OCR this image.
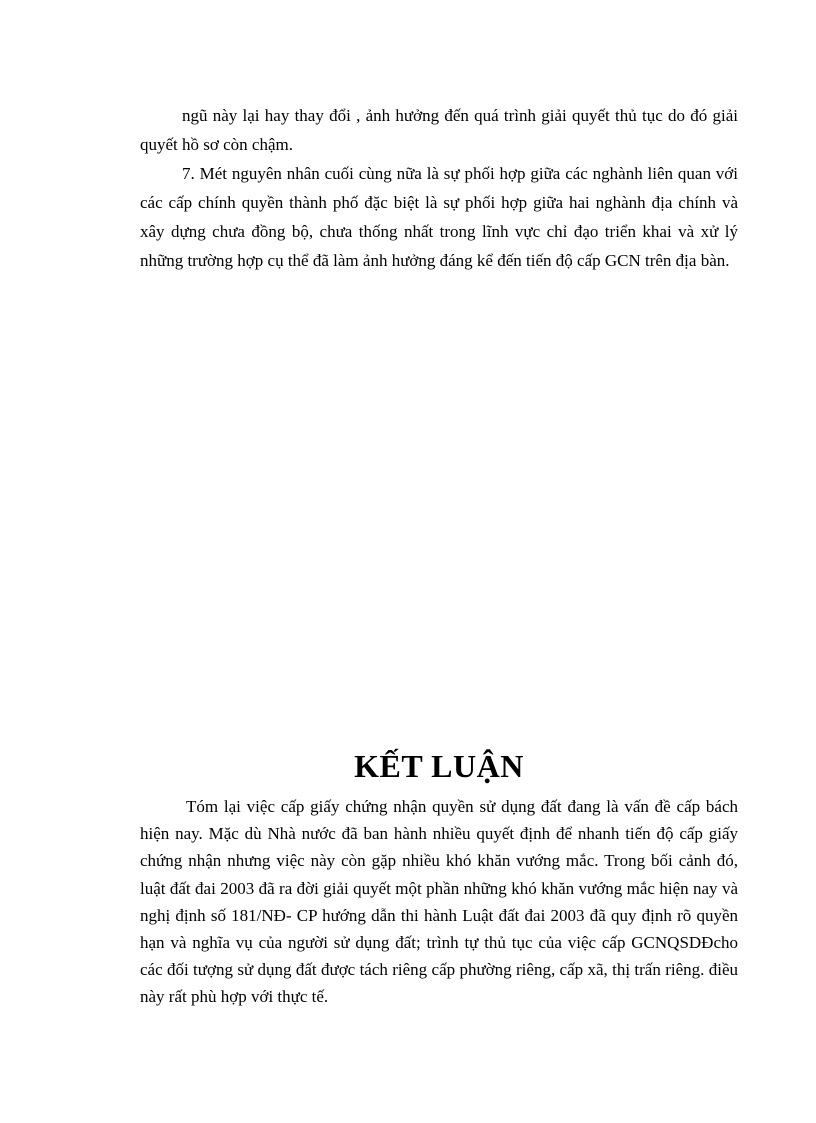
ngũ này lại hay thay đổi , ảnh hưởng đến quá trình giải quyết thủ tục do đó giải quyết hồ sơ còn chậm.

7. Mét nguyên nhân cuối cùng nữa là sự phối hợp giữa các nghành liên quan với các cấp chính quyền thành phố đặc biệt là sự phối hợp giữa hai nghành địa chính và xây dựng chưa đồng bộ, chưa thống nhất trong lĩnh vực chỉ đạo triển khai và xử lý những trường hợp cụ thể đã làm ảnh hưởng đáng kể đến tiến độ cấp GCN trên địa bàn.

KẾT LUẬN

Tóm lại việc cấp giấy chứng nhận quyền sử dụng đất đang là vấn đề cấp bách hiện nay. Mặc dù Nhà nước đã ban hành nhiều quyết định để nhanh tiến độ cấp giấy chứng nhận nhưng việc này còn gặp nhiều khó khăn vướng mắc. Trong bối cảnh đó, luật đất đai 2003 đã ra đời giải quyết một phần những khó khăn vướng mắc hiện nay và nghị định số 181/NĐ- CP hướng dẫn thi hành Luật đất đai 2003 đã quy định rõ quyền hạn và nghĩa vụ của người sử dụng đất; trình tự thủ tục của việc cấp GCNQSDĐcho các đối tượng sử dụng đất được tách riêng cấp phường riêng, cấp xã, thị trấn riêng. điều này rất phù hợp với thực tế.
